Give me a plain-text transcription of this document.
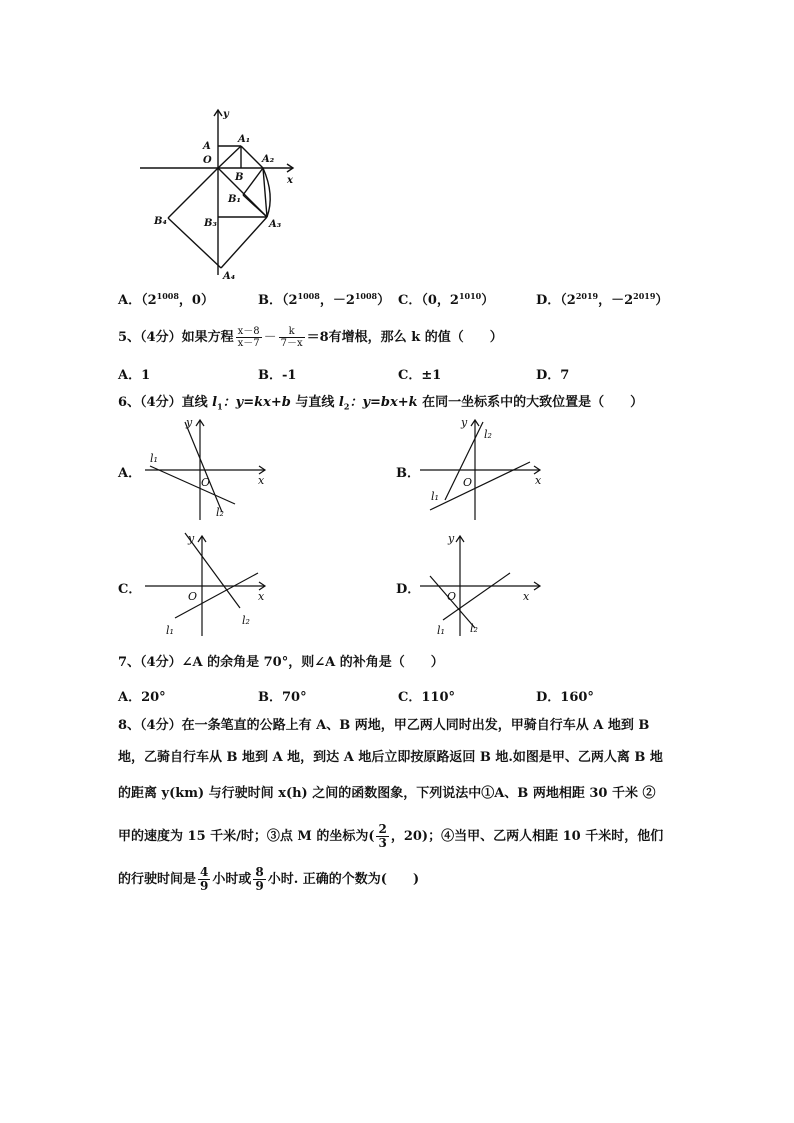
y
x
A
O
A₁
A₂
B
B₁
B₃	A₃
B₄
A₄
A．（$2^{1008}$，0）	B．（$2^{1008}$，$-2^{1008}$） C．（0，$2^{1010}$）	D．（$2^{2019}$，$-2^{2019}$）
5、（4分）如果方程 $\frac{x-8}{x-7} - \frac{k}{7-x} =8$有增根，那么 k 的值（　　）
A．1	B．-1	C．±1	D．7
6、（4分）直线 $l_1$：y=kx+b 与直线 $l_2$：y=bx+k 在同一坐标系中的大致位置是（　　）
A．	x
y
O
l₁
l₂
B．	x
y
O
l₁
l₂
C．	x
y
O
l₁
l₂
D．	x
y
O
l₁ l₂
7、（4分）∠A 的余角是 70°，则∠A 的补角是（　　）
A．20°	B．70°	C．110°	D．160°
8、（4分）在一条笔直的公路上有 A、B 两地，甲乙两人同时出发，甲骑自行车从 A 地到 B
地，乙骑自行车从 B 地到 A 地，到达 A 地后立即按原路返回 B 地.如图是甲、乙两人离 B 地
的距离 y(km) 与行驶时间 x(h) 之间的函数图象，下列说法中①A、B 两地相距 30 千米 ②
甲的速度为 15 千米/时；③点 M 的坐标为( $\frac{2}{3}$ ，20)；④当甲、乙两人相距 10 千米时，他们
的行驶时间是 $\frac{4}{9}$ 小时或 $\frac{8}{9}$ 小时. 正确的个数为(　　)
